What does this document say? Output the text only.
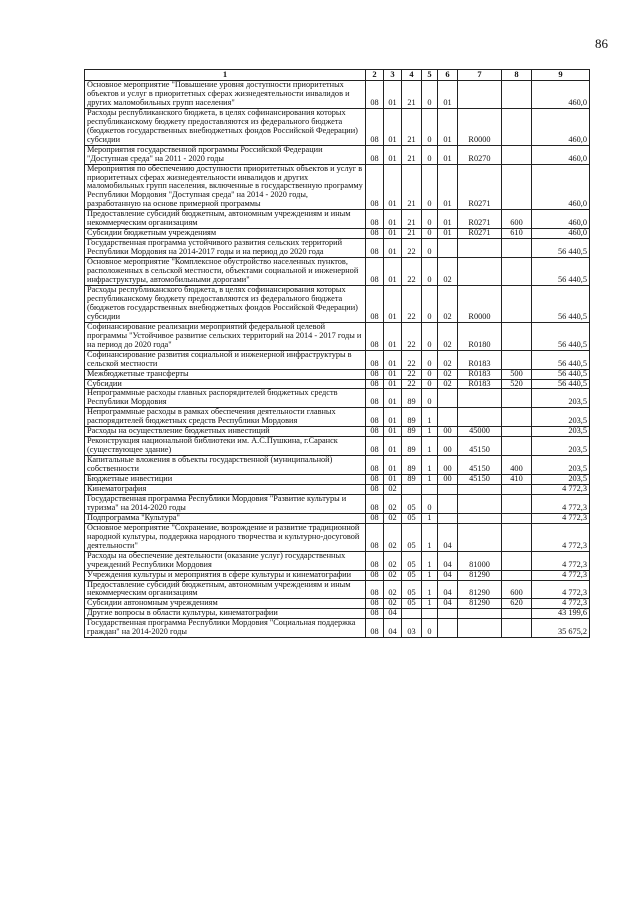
86
1	2	3	4	5	6	7	8	9
Основное мероприятие "Повышение уровня доступности приоритетных объектов и услуг в приоритетных сферах жизнедеятельности инвалидов и других маломобильных групп населения"	08	01	21	0	01			460,0
Расходы республиканского бюджета, в целях софинансирования которых республиканскому бюджету предоставляются из федерального бюджета (бюджетов государственных внебюджетных фондов Российской Федерации) субсидии	08	01	21	0	01	R0000		460,0
Мероприятия государственной программы Российской Федерации "Доступная среда" на 2011 - 2020 годы	08	01	21	0	01	R0270		460,0
Мероприятия по обеспечению доступности приоритетных объектов и услуг в приоритетных сферах жизнедеятельности инвалидов и других маломобильных групп населения, включенные в государственную программу Республики Мордовия "Доступная среда" на 2014 - 2020 годы, разработанную на основе примерной программы	08	01	21	0	01	R0271		460,0
Предоставление субсидий бюджетным, автономным учреждениям и иным некоммерческим организациям	08	01	21	0	01	R0271	600	460,0
Субсидии бюджетным учреждениям	08	01	21	0	01	R0271	610	460,0
Государственная программа устойчивого развития сельских территорий Республики Мордовия на 2014-2017 годы и на период до 2020 года	08	01	22	0				56 440,5
Основное мероприятие "Комплексное обустройство населенных пунктов, расположенных в сельской местности, объектами социальной и инженерной инфраструктуры, автомобильными дорогами"	08	01	22	0	02			56 440,5
Расходы республиканского бюджета, в целях софинансирования которых республиканскому бюджету предоставляются из федерального бюджета (бюджетов государственных внебюджетных фондов Российской Федерации) субсидии	08	01	22	0	02	R0000		56 440,5
Софинансирование реализации мероприятий федеральной целевой программы "Устойчивое развитие сельских территорий на 2014 - 2017 годы и на период до 2020 года"	08	01	22	0	02	R0180		56 440,5
Софинансирование развития социальной и инженерной инфраструктуры в сельской местности	08	01	22	0	02	R0183		56 440,5
Межбюджетные трансферты	08	01	22	0	02	R0183	500	56 440,5
Субсидии	08	01	22	0	02	R0183	520	56 440,5
Непрограммные расходы главных распорядителей бюджетных средств Республики Мордовия	08	01	89	0				203,5
Непрограммные расходы в рамках обеспечения деятельности главных распорядителей бюджетных средств Республики Мордовия	08	01	89	1				203,5
Расходы на осуществление бюджетных инвестиций	08	01	89	1	00	45000		203,5
Реконструкция национальной библиотеки им. А.С.Пушкина, г.Саранск (существующее здание)	08	01	89	1	00	45150		203,5
Капитальные вложения в объекты государственной (муниципальной) собственности	08	01	89	1	00	45150	400	203,5
Бюджетные инвестиции	08	01	89	1	00	45150	410	203,5
Кинематография	08	02						4 772,3
Государственная программа Республики Мордовия "Развитие культуры и туризма" на 2014-2020 годы	08	02	05	0				4 772,3
Подпрограмма "Культура"	08	02	05	1				4 772,3
Основное мероприятие "Сохранение, возрождение и развитие традиционной народной культуры, поддержка народного творчества и культурно-досуговой деятельности"	08	02	05	1	04			4 772,3
Расходы на обеспечение деятельности (оказание услуг) государственных учреждений Республики Мордовия	08	02	05	1	04	81000		4 772,3
Учреждения культуры и мероприятия в сфере культуры и кинематографии	08	02	05	1	04	81290		4 772,3
Предоставление субсидий бюджетным, автономным учреждениям и иным некоммерческим организациям	08	02	05	1	04	81290	600	4 772,3
Субсидии автономным учреждениям	08	02	05	1	04	81290	620	4 772,3
Другие вопросы в области культуры, кинематографии	08	04						43 199,6
Государственная программа Республики Мордовия "Социальная поддержка граждан" на 2014-2020 годы	08	04	03	0				35 675,2
